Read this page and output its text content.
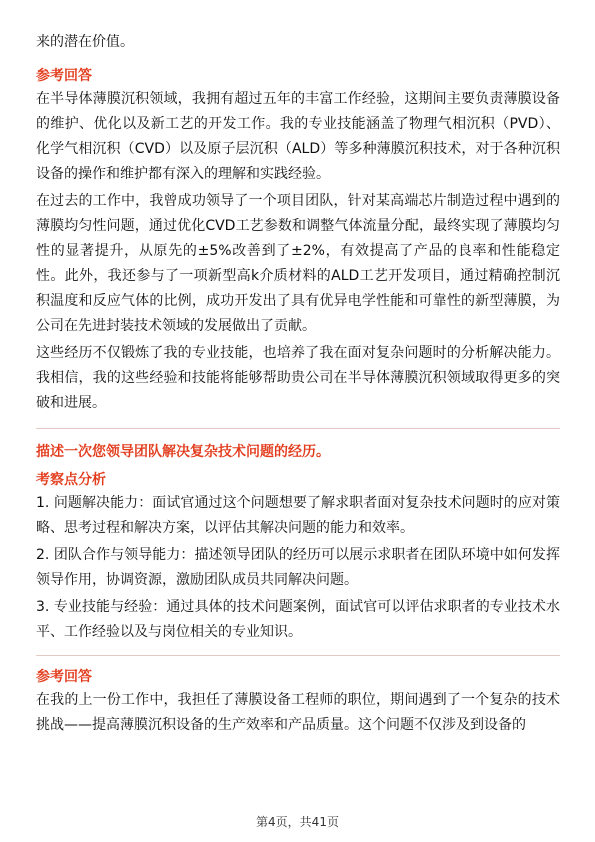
来的潜在价值。

参考回答

在半导体薄膜沉积领域，我拥有超过五年的丰富工作经验，这期间主要负责薄膜设备的维护、优化以及新工艺的开发工作。我的专业技能涵盖了物理气相沉积（PVD）、化学气相沉积（CVD）以及原子层沉积（ALD）等多种薄膜沉积技术，对于各种沉积设备的操作和维护都有深入的理解和实践经验。

在过去的工作中，我曾成功领导了一个项目团队，针对某高端芯片制造过程中遇到的薄膜均匀性问题，通过优化CVD工艺参数和调整气体流量分配，最终实现了薄膜均匀性的显著提升，从原先的±5%改善到了±2%，有效提高了产品的良率和性能稳定性。此外，我还参与了一项新型高k介质材料的ALD工艺开发项目，通过精确控制沉积温度和反应气体的比例，成功开发出了具有优异电学性能和可靠性的新型薄膜，为公司在先进封装技术领域的发展做出了贡献。

这些经历不仅锻炼了我的专业技能，也培养了我在面对复杂问题时的分析解决能力。我相信，我的这些经验和技能将能够帮助贵公司在半导体薄膜沉积领域取得更多的突破和进展。

描述一次您领导团队解决复杂技术问题的经历。

考察点分析

1. 问题解决能力：面试官通过这个问题想要了解求职者面对复杂技术问题时的应对策略、思考过程和解决方案，以评估其解决问题的能力和效率。

2. 团队合作与领导能力：描述领导团队的经历可以展示求职者在团队环境中如何发挥领导作用，协调资源，激励团队成员共同解决问题。

3. 专业技能与经验：通过具体的技术问题案例，面试官可以评估求职者的专业技术水平、工作经验以及与岗位相关的专业知识。

参考回答

在我的上一份工作中，我担任了薄膜设备工程师的职位，期间遇到了一个复杂的技术挑战——提高薄膜沉积设备的生产效率和产品质量。这个问题不仅涉及到设备的

第4页，共41页
